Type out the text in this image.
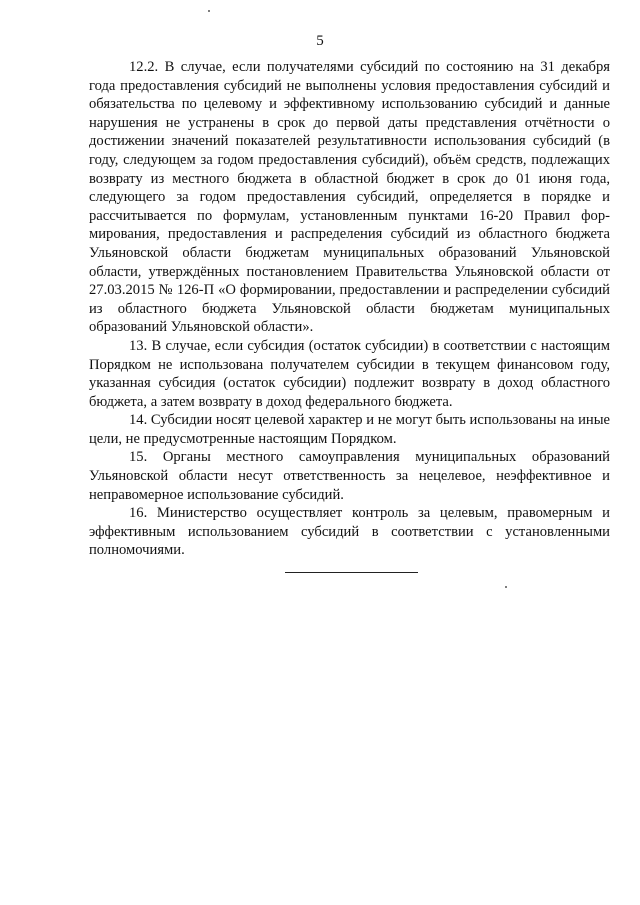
5

12.2. В случае, если получателями субсидий по состоянию на 31 декабря года предоставления субсидий не выполнены условия предоставления субсидий и обязательства по целевому и эффективному использованию субсидий и данные нарушения не устранены в срок до первой даты представления отчётности о достижении значений показателей результативности использования субсидий (в году, следующем за годом предоставления субсидий), объём средств, подлежащих возврату из местного бюджета в областной бюджет в срок до 01 июня года, следующего за годом предоставления субсидий, определяется в порядке и рассчитывается по формулам, установленным пунктами 16-20 Правил формирования, предоставления и распределения субсидий из областного бюджета Ульяновской области бюджетам муниципальных образований Ульяновской области, утверждённых постановлением Правительства Ульяновской области от 27.03.2015 № 126-П «О формировании, предоставлении и распределении субсидий из областного бюджета Ульяновской области бюджетам муниципальных образований Ульяновской области».

13. В случае, если субсидия (остаток субсидии) в соответствии с настоящим Порядком не использована получателем субсидии в текущем финансовом году, указанная субсидия (остаток субсидии) подлежит возврату в доход областного бюджета, а затем возврату в доход федерального бюджета.

14. Субсидии носят целевой характер и не могут быть использованы на иные цели, не предусмотренные настоящим Порядком.

15. Органы местного самоуправления муниципальных образований Ульяновской области несут ответственность за нецелевое, неэффективное и неправомерное использование субсидий.

16. Министерство осуществляет контроль за целевым, правомерным и эффективным использованием субсидий в соответствии с установленными полномочиями.
